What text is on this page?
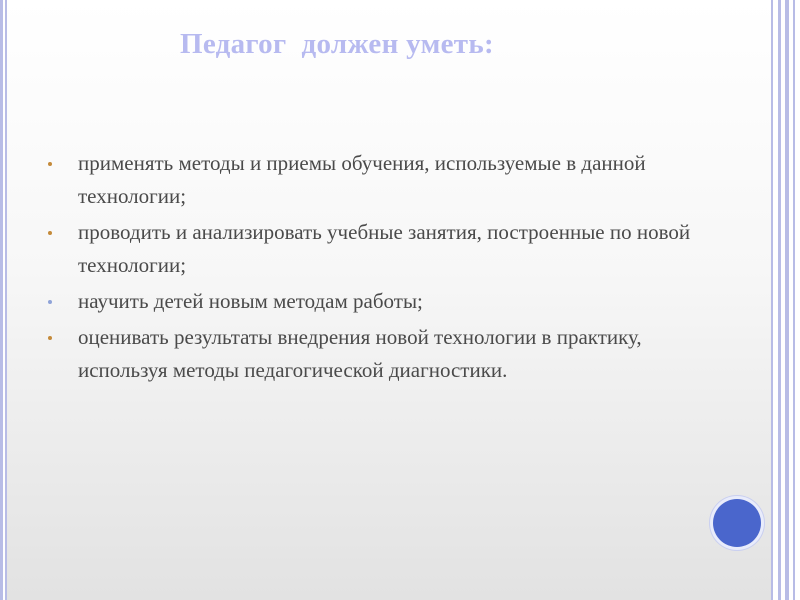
Педагог  должен уметь:
применять методы и приемы обучения, используемые в данной технологии;
проводить и анализировать учебные занятия, построенные по новой технологии;
научить детей новым методам работы;
оценивать результаты внедрения новой технологии в практику, используя методы педагогической диагностики.
